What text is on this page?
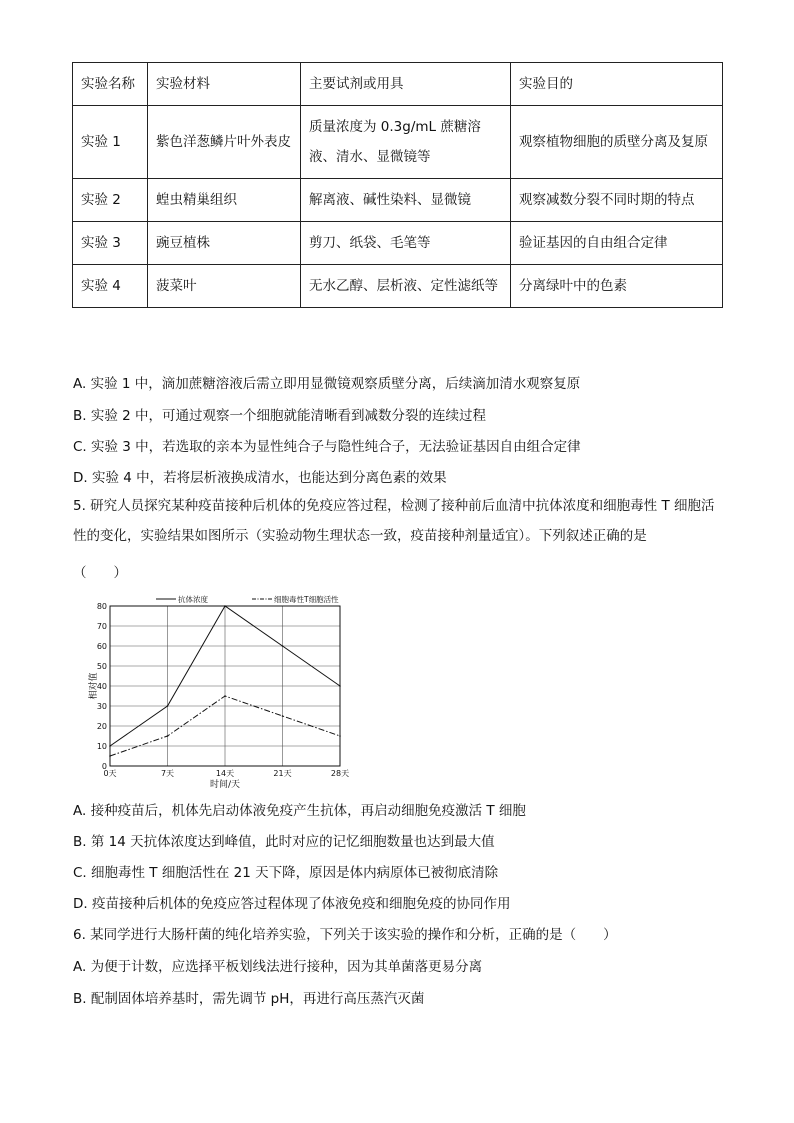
实验名称	实验材料	主要试剂或用具	实验目的
实验 1	紫色洋葱鳞片叶外表皮	质量浓度为 0.3g/mL 蔗糖溶液、清水、显微镜等	观察植物细胞的质壁分离及复原
实验 2	蝗虫精巢组织	解离液、碱性染料、显微镜	观察减数分裂不同时期的特点
实验 3	豌豆植株	剪刀、纸袋、毛笔等	验证基因的自由组合定律
实验 4	菠菜叶	无水乙醇、层析液、定性滤纸等	分离绿叶中的色素
A. 实验 1 中，滴加蔗糖溶液后需立即用显微镜观察质壁分离，后续滴加清水观察复原
B. 实验 2 中，可通过观察一个细胞就能清晰看到减数分裂的连续过程
C. 实验 3 中，若选取的亲本为显性纯合子与隐性纯合子，无法验证基因自由组合定律
D. 实验 4 中，若将层析液换成清水，也能达到分离色素的效果
5. 研究人员探究某种疫苗接种后机体的免疫应答过程，检测了接种前后血清中抗体浓度和细胞毒性 T 细胞活性的变化，实验结果如图所示（实验动物生理状态一致，疫苗接种剂量适宜）。下列叙述正确的是
（　　）
0
10
20
30
40
50
60
70
80
0天	7天	14天	21天	28天
抗体浓度	细胞毒性T细胞活性
相对值
时间/天
A. 接种疫苗后，机体先启动体液免疫产生抗体，再启动细胞免疫激活 T 细胞
B. 第 14 天抗体浓度达到峰值，此时对应的记忆细胞数量也达到最大值
C. 细胞毒性 T 细胞活性在 21 天下降，原因是体内病原体已被彻底清除
D. 疫苗接种后机体的免疫应答过程体现了体液免疫和细胞免疫的协同作用
6. 某同学进行大肠杆菌的纯化培养实验，下列关于该实验的操作和分析，正确的是（　　）
A. 为便于计数，应选择平板划线法进行接种，因为其单菌落更易分离
B. 配制固体培养基时，需先调节 pH，再进行高压蒸汽灭菌
